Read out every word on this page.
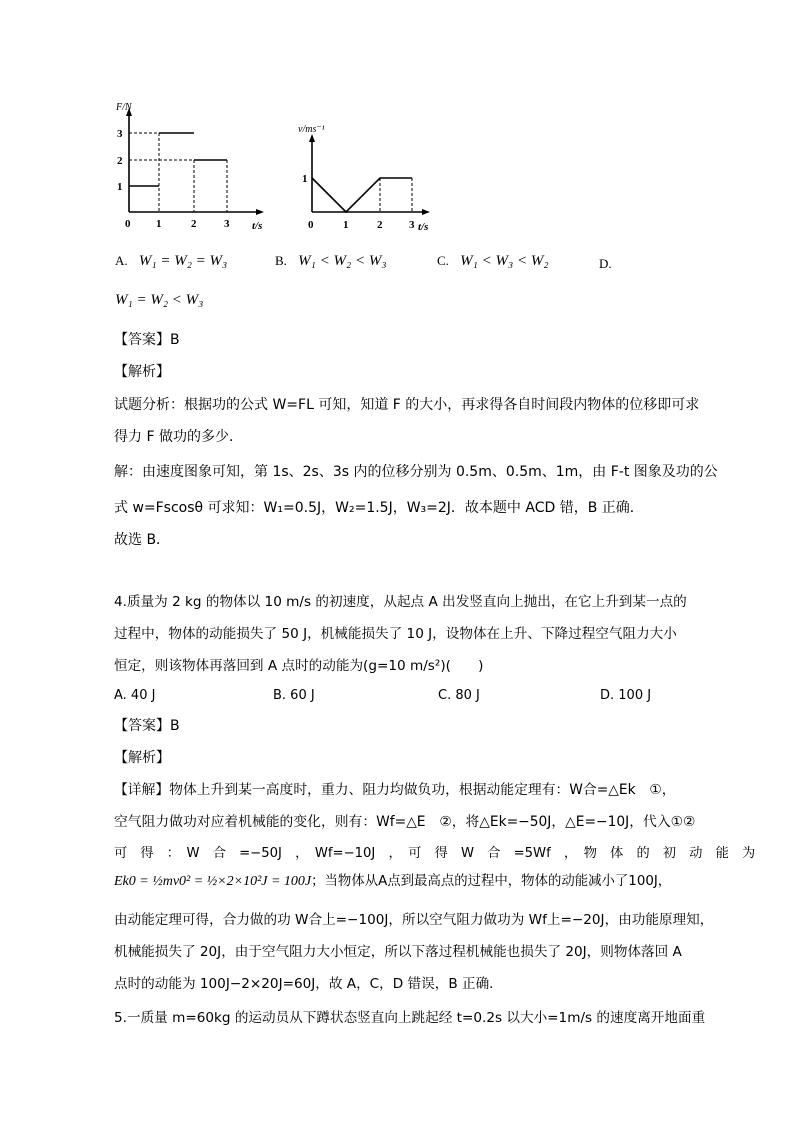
F/N
1
2
3
0 1	2	3 t/s
v/ms⁻¹
1
0	1	2 3 t/s
A. W₁ = W₂ = W₃	B. W₁ < W₂ < W₃	C. W₁ < W₃ < W₂	D.
W₁ = W₂ < W₃
【答案】B
【解析】
试题分析：根据功的公式 W=FL 可知，知道 F 的大小，再求得各自时间段内物体的位移即可求
得力 F 做功的多少．
解：由速度图象可知，第 1s、2s、3s 内的位移分别为 0.5m、0.5m、1m，由 F-t 图象及功的公
式 w=Fscosθ 可求知：W₁=0.5J，W₂=1.5J，W₃=2J．故本题中 ACD 错，B 正确．
故选 B．
4.质量为 2 kg 的物体以 10 m/s 的初速度，从起点 A 出发竖直向上抛出，在它上升到某一点的
过程中，物体的动能损失了 50 J，机械能损失了 10 J，设物体在上升、下降过程空气阻力大小
恒定，则该物体再落回到 A 点时的动能为(g=10 m/s²)(　　)
A. 40 J	B. 60 J	C. 80 J	D. 100 J
【答案】B
【解析】
【详解】物体上升到某一高度时，重力、阻力均做负功，根据动能定理有：W合=△Ek　①，
空气阻力做功对应着机械能的变化，则有：Wf=△E　②，将△Ek=−50J，△E=−10J，代入①②
可　得　：　W　合　=−50J　，　Wf=−10J　，　可　得　W　合　=5Wf　，　物　体　的　初　动　能　为
Ek0 = ½mv0² = ½×2×10²J = 100J；当物体从A点到最高点的过程中，物体的动能减小了100J，
由动能定理可得，合力做的功 W合上=−100J，所以空气阻力做功为 Wf上=−20J，由功能原理知，
机械能损失了 20J，由于空气阻力大小恒定，所以下落过程机械能也损失了 20J，则物体落回 A
点时的动能为 100J−2×20J=60J，故 A，C，D 错误，B 正确．
5.一质量 m=60kg 的运动员从下蹲状态竖直向上跳起经 t=0.2s 以大小=1m/s 的速度离开地面重
